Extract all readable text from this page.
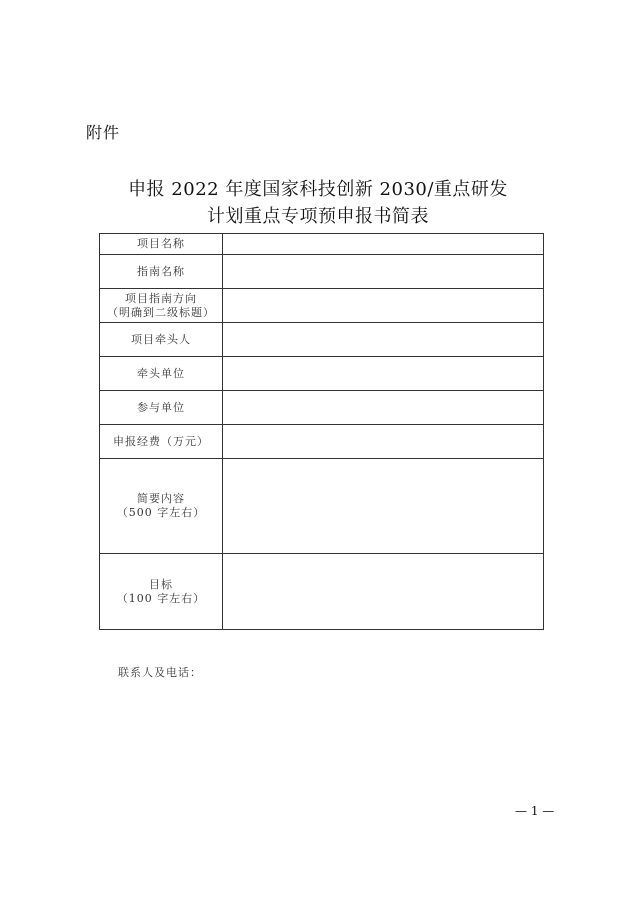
附件
申报 2022 年度国家科技创新 2030/重点研发
计划重点专项预申报书简表
项目名称	

指南名称	

项目指南方向
（明确到二级标题）	

项目牵头人	

牵头单位	

参与单位	

申报经费（万元）	

简要内容
（500 字左右）	

目标
（100 字左右）	

联系人及电话：
— 1 —
